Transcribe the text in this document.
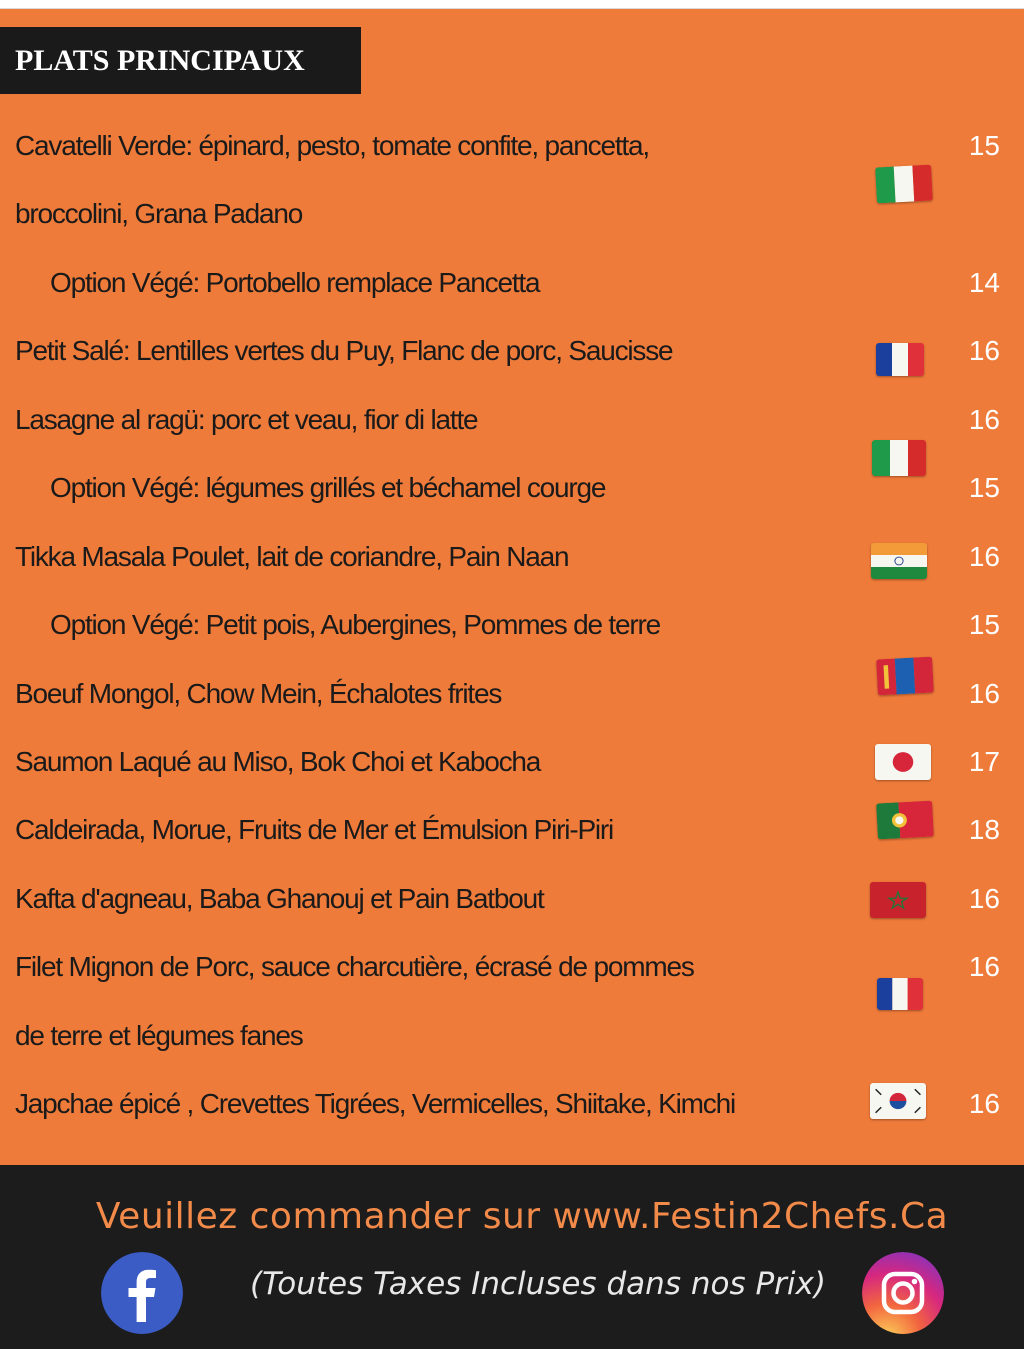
PLATS PRINCIPAUX
Cavatelli Verde: épinard, pesto, tomate confite, pancetta,
broccolini, Grana Padano
15
Option Végé: Portobello remplace Pancetta	14
Petit Salé: Lentilles vertes du Puy, Flanc de porc, Saucisse	16
Lasagne al ragü: porc et veau, fior di latte	16
Option Végé: légumes grillés et béchamel courge	15
Tikka Masala Poulet, lait de coriandre, Pain Naan	16
Option Végé: Petit pois, Aubergines, Pommes de terre	15
Boeuf Mongol, Chow Mein, Échalotes frites	16
Saumon Laqué au Miso, Bok Choi et Kabocha	17
Caldeirada, Morue, Fruits de Mer et Émulsion Piri-Piri	18
Kafta d'agneau, Baba Ghanouj et Pain Batbout	16
Filet Mignon de Porc, sauce charcutière, écrasé de pommes
de terre et légumes fanes
16
Japchae épicé , Crevettes Tigrées, Vermicelles, Shiitake, Kimchi	16
Veuillez commander sur www.Festin2Chefs.Ca
(Toutes Taxes Incluses dans nos Prix)
